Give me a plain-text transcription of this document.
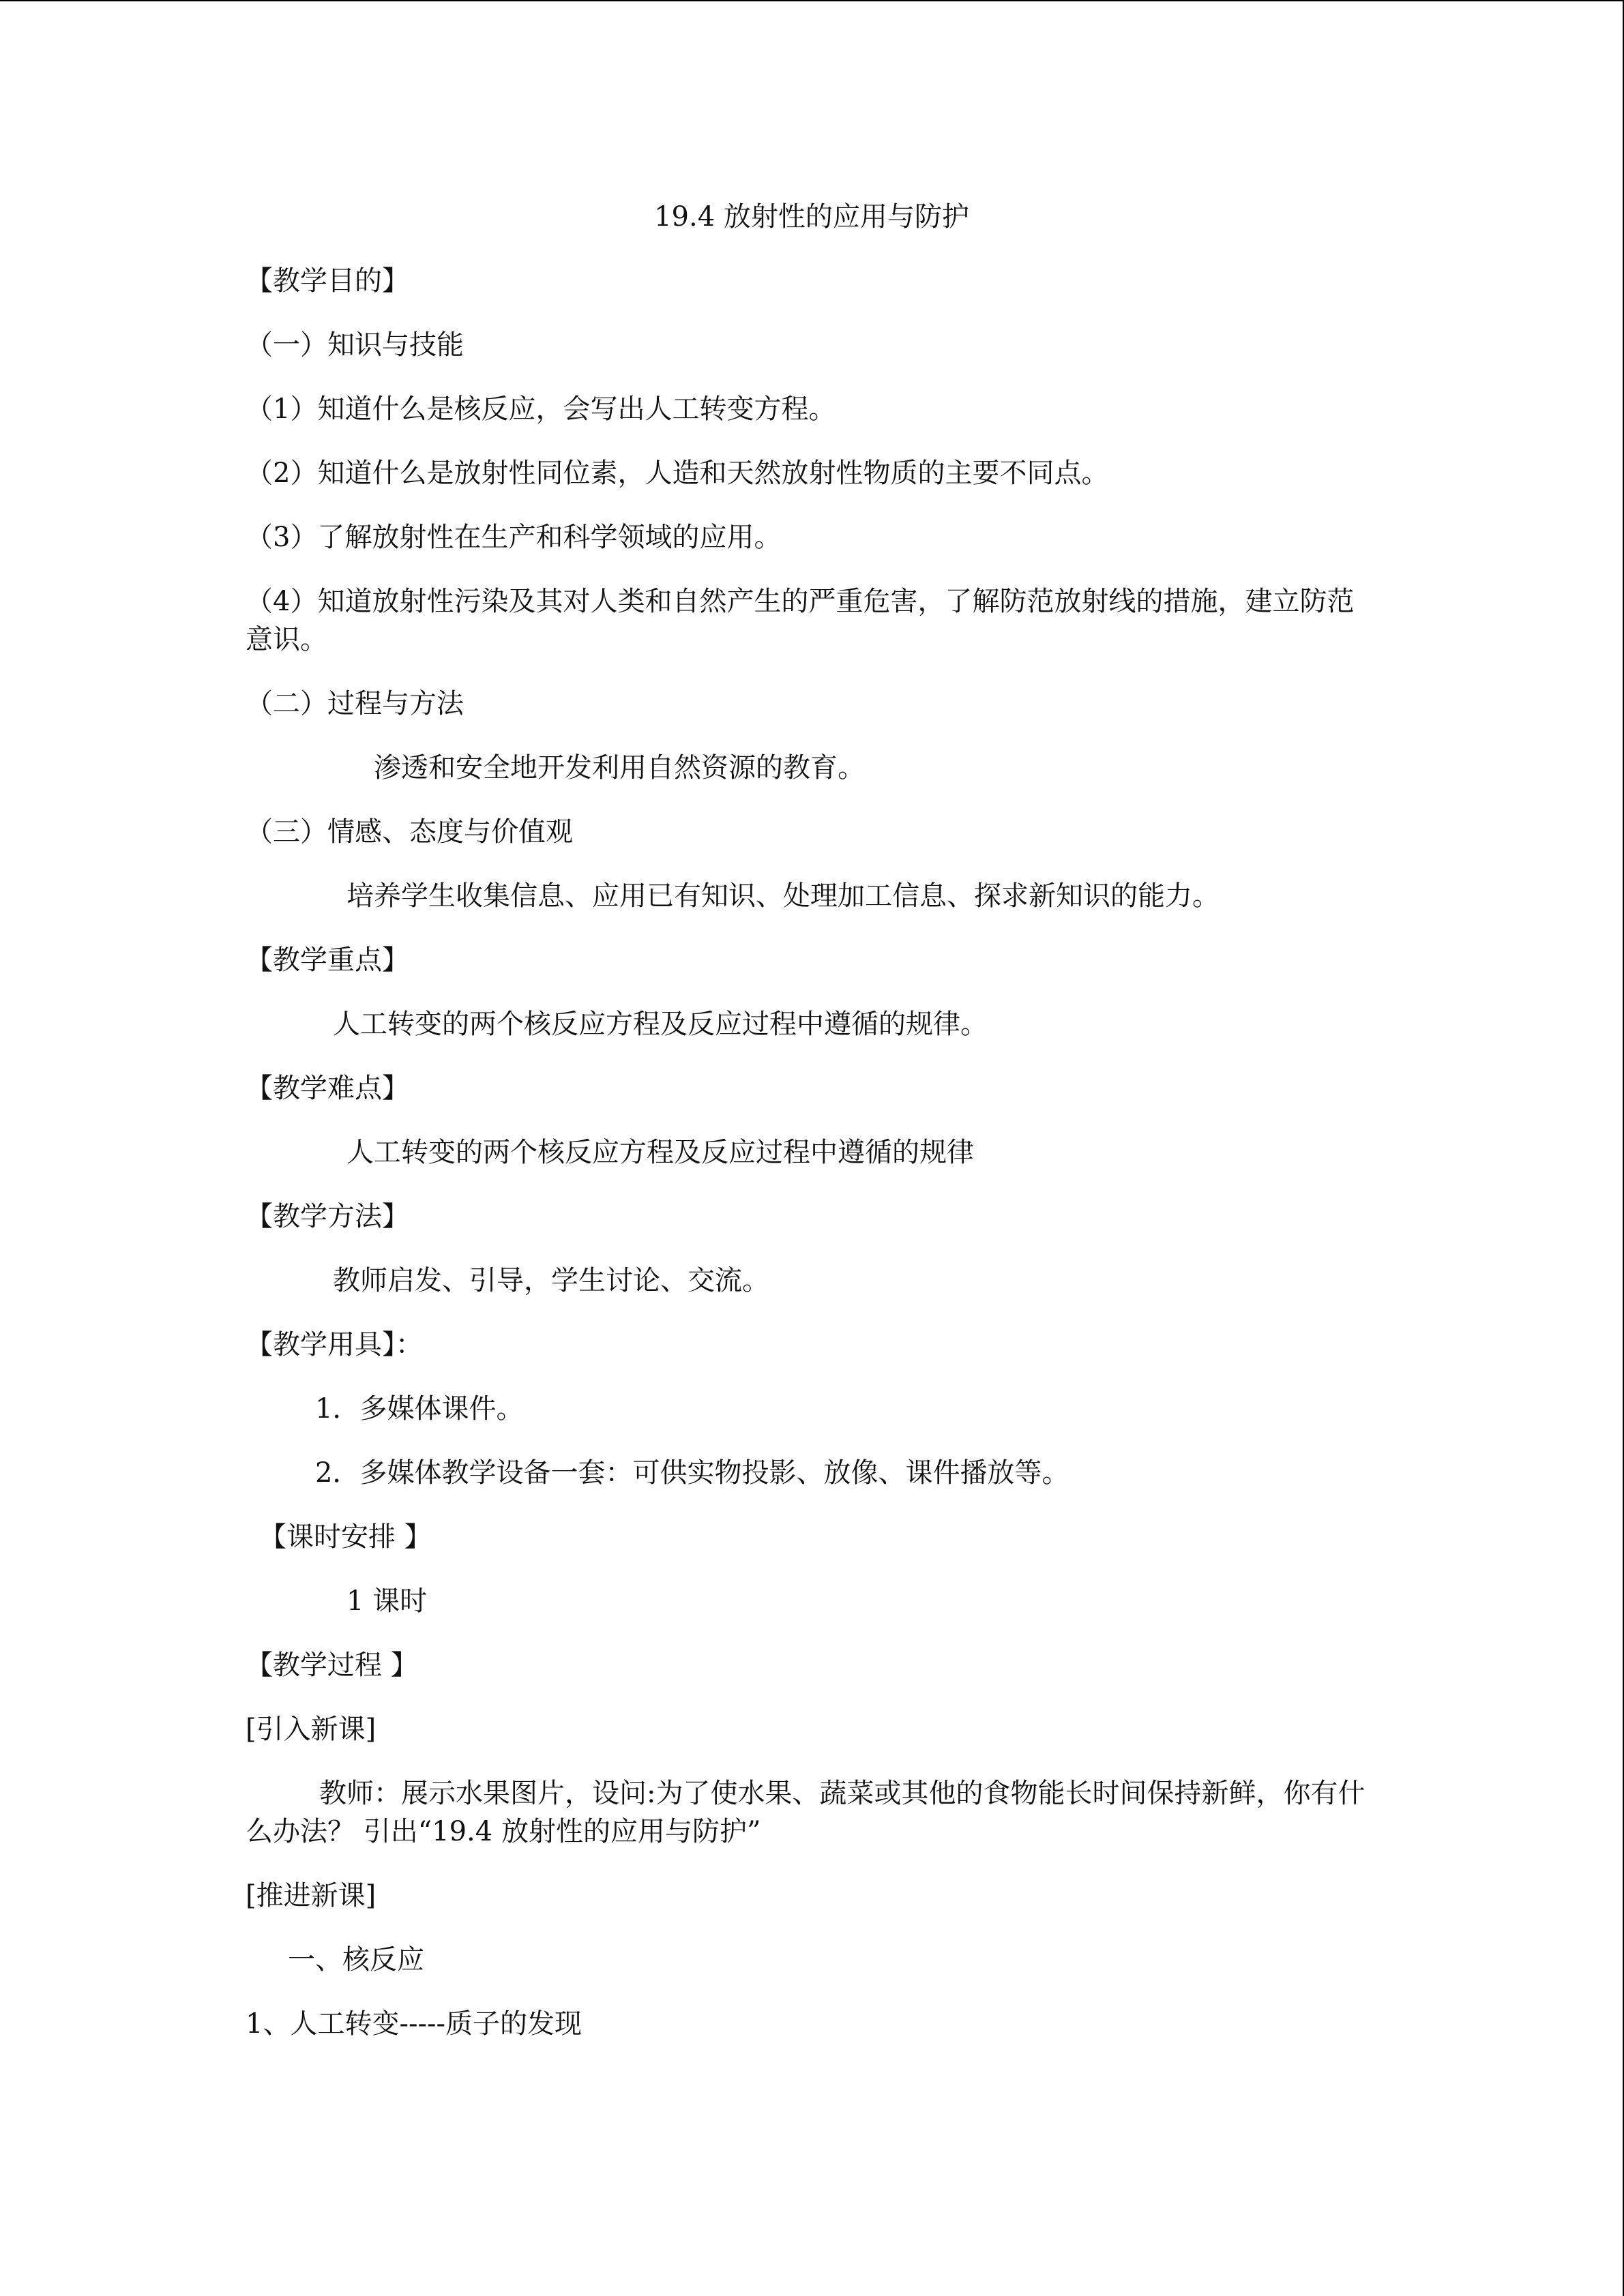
19.4 放射性的应用与防护
【教学目的】
（一）知识与技能
（1）知道什么是核反应，会写出人工转变方程。
（2）知道什么是放射性同位素，人造和天然放射性物质的主要不同点。
（3）了解放射性在生产和科学领域的应用。
（4）知道放射性污染及其对人类和自然产生的严重危害，了解防范放射线的措施，建立防范意识。
（二）过程与方法
渗透和安全地开发利用自然资源的教育。
（三）情感、态度与价值观
培养学生收集信息、应用已有知识、处理加工信息、探求新知识的能力。
【教学重点】
人工转变的两个核反应方程及反应过程中遵循的规律。
【教学难点】
人工转变的两个核反应方程及反应过程中遵循的规律
【教学方法】
教师启发、引导，学生讨论、交流。
【教学用具】：
1．多媒体课件。
2．多媒体教学设备一套：可供实物投影、放像、课件播放等。
【课时安排 】
1 课时
【教学过程 】
[引入新课]
教师：展示水果图片，设问:为了使水果、蔬菜或其他的食物能长时间保持新鲜，你有什么办法？ 引出“19.4 放射性的应用与防护”
[推进新课]
一、核反应
1、人工转变-----质子的发现
